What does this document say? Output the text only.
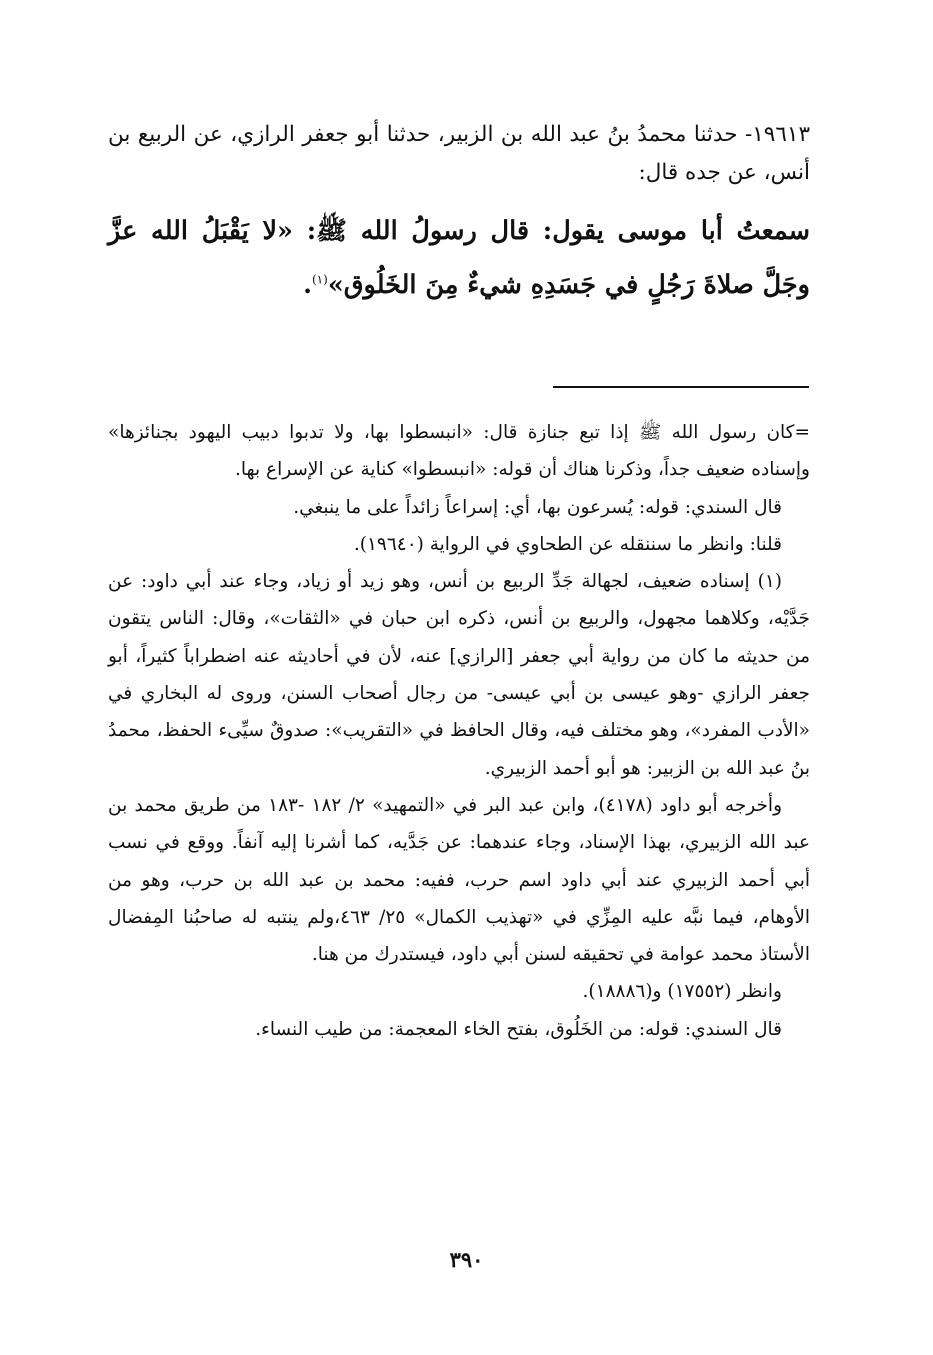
١٩٦١٣- حدثنا محمدُ بنُ عبد الله بن الزبير، حدثنا أبو جعفر الرازي، عن الربيع بن أنس، عن جده قال:

سمعتُ أبا موسى يقول: قال رسولُ الله ﷺ: «لا يَقْبَلُ الله عزَّ وجَلَّ صلاةَ رَجُلٍ في جَسَدِهِ شيءٌ مِنَ الخَلُوق»$^{(١)}$.

=كان رسول الله ﷺ إذا تبع جنازة قال: «انبسطوا بها، ولا تدبوا دبيب اليهود بجنائزها» وإسناده ضعيف جداً، وذكرنا هناك أن قوله: «انبسطوا» كناية عن الإسراع بها.

قال السندي: قوله: يُسرعون بها، أي: إسراعاً زائداً على ما ينبغي.

قلنا: وانظر ما سننقله عن الطحاوي في الرواية (١٩٦٤٠).

(١) إسناده ضعيف، لجهالة جَدِّ الربيع بن أنس، وهو زيد أو زياد، وجاء عند أبي داود: عن جَدَّيْه، وكلاهما مجهول، والربيع بن أنس، ذكره ابن حبان في «الثقات»، وقال: الناس يتقون من حديثه ما كان من رواية أبي جعفر [الرازي] عنه، لأن في أحاديثه عنه اضطراباً كثيراً، أبو جعفر الرازي -وهو عيسى بن أبي عيسى- من رجال أصحاب السنن، وروى له البخاري في «الأدب المفرد»، وهو مختلف فيه، وقال الحافظ في «التقريب»: صدوقٌ سيِّىء الحفظ، محمدُ بنُ عبد الله بن الزبير: هو أبو أحمد الزبيري.

وأخرجه أبو داود (٤١٧٨)، وابن عبد البر في «التمهيد» ٢/ ١٨٢ -١٨٣ من طريق محمد بن عبد الله الزبيري، بهذا الإسناد، وجاء عندهما: عن جَدَّيه، كما أشرنا إليه آنفاً. ووقع في نسب أبي أحمد الزبيري عند أبي داود اسم حرب، ففيه: محمد بن عبد الله بن حرب، وهو من الأوهام، فيما نبَّه عليه المِزِّي في «تهذيب الكمال» ٢٥/ ٤٦٣،ولم ينتبه له صاحبُنا المِفضال الأستاذ محمد عوامة في تحقيقه لسنن أبي داود، فيستدرك من هنا.

وانظر (١٧٥٥٢) و(١٨٨٨٦).

قال السندي: قوله: من الخَلُوق، بفتح الخاء المعجمة: من طيب النساء.

٣٩٠
